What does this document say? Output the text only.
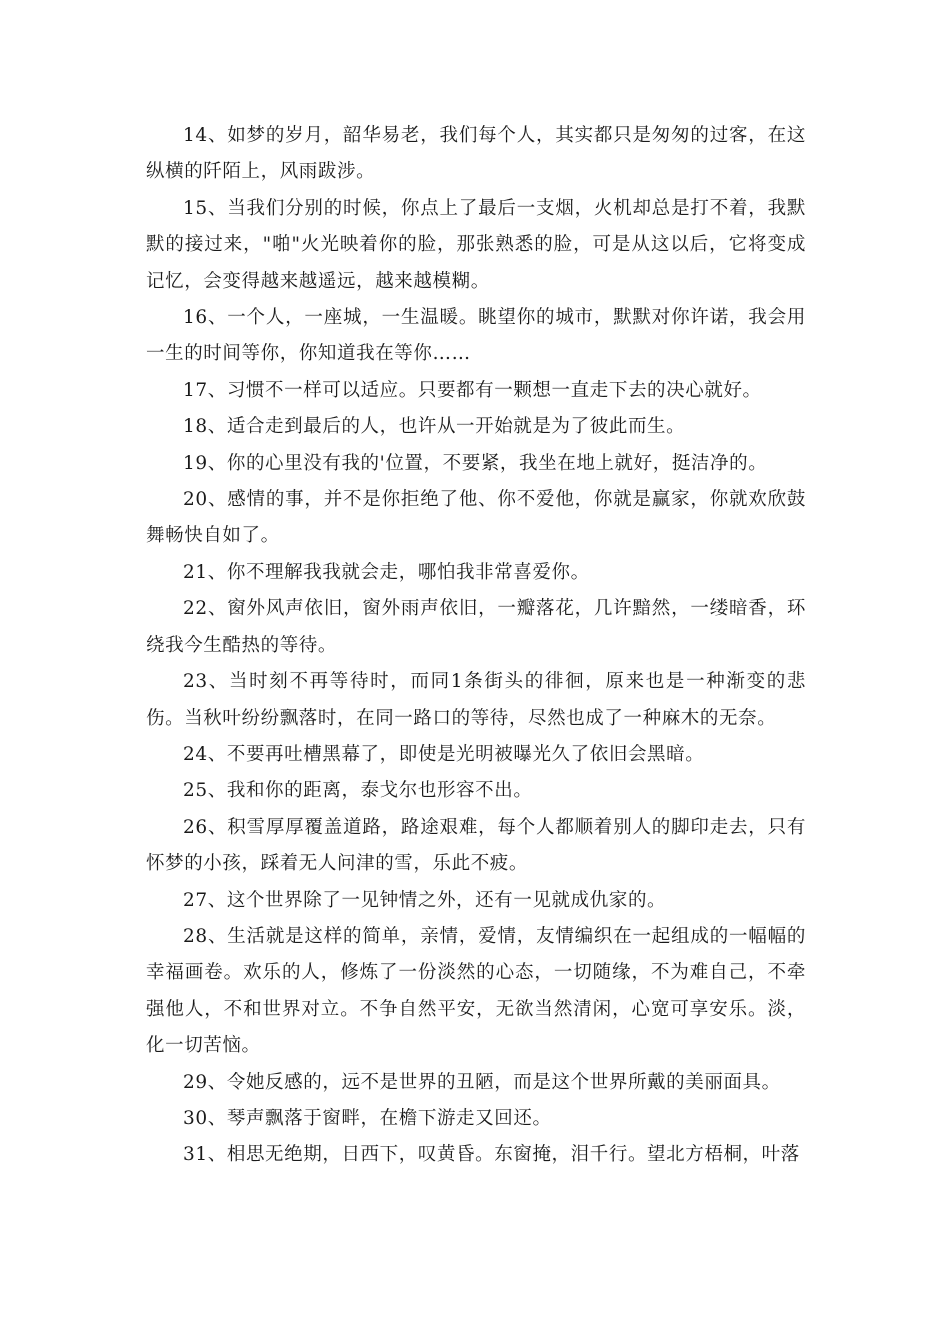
14、如梦的岁月，韶华易老，我们每个人，其实都只是匆匆的过客，在这纵横的阡陌上，风雨跋涉。

15、当我们分别的时候，你点上了最后一支烟，火机却总是打不着，我默默的接过来，"啪"火光映着你的脸，那张熟悉的脸，可是从这以后，它将变成记忆，会变得越来越遥远，越来越模糊。

16、一个人，一座城，一生温暖。眺望你的城市，默默对你许诺，我会用一生的时间等你，你知道我在等你……

17、习惯不一样可以适应。只要都有一颗想一直走下去的决心就好。

18、适合走到最后的人，也许从一开始就是为了彼此而生。

19、你的心里没有我的'位置，不要紧，我坐在地上就好，挺洁净的。

20、感情的事，并不是你拒绝了他、你不爱他，你就是赢家，你就欢欣鼓舞畅快自如了。

21、你不理解我我就会走，哪怕我非常喜爱你。

22、窗外风声依旧，窗外雨声依旧，一瓣落花，几许黯然，一缕暗香，环绕我今生酷热的等待。

23、当时刻不再等待时，而同1条街头的徘徊，原来也是一种渐变的悲伤。当秋叶纷纷飘落时，在同一路口的等待，尽然也成了一种麻木的无奈。

24、不要再吐槽黑幕了，即使是光明被曝光久了依旧会黑暗。

25、我和你的距离，泰戈尔也形容不出。

26、积雪厚厚覆盖道路，路途艰难，每个人都顺着别人的脚印走去，只有怀梦的小孩，踩着无人问津的雪，乐此不疲。

27、这个世界除了一见钟情之外，还有一见就成仇家的。

28、生活就是这样的简单，亲情，爱情，友情编织在一起组成的一幅幅的幸福画卷。欢乐的人，修炼了一份淡然的心态，一切随缘，不为难自己，不牵强他人，不和世界对立。不争自然平安，无欲当然清闲，心宽可享安乐。淡，化一切苦恼。

29、令她反感的，远不是世界的丑陋，而是这个世界所戴的美丽面具。

30、琴声飘落于窗畔，在檐下游走又回还。

31、相思无绝期，日西下，叹黄昏。东窗掩，泪千行。望北方梧桐，叶落
